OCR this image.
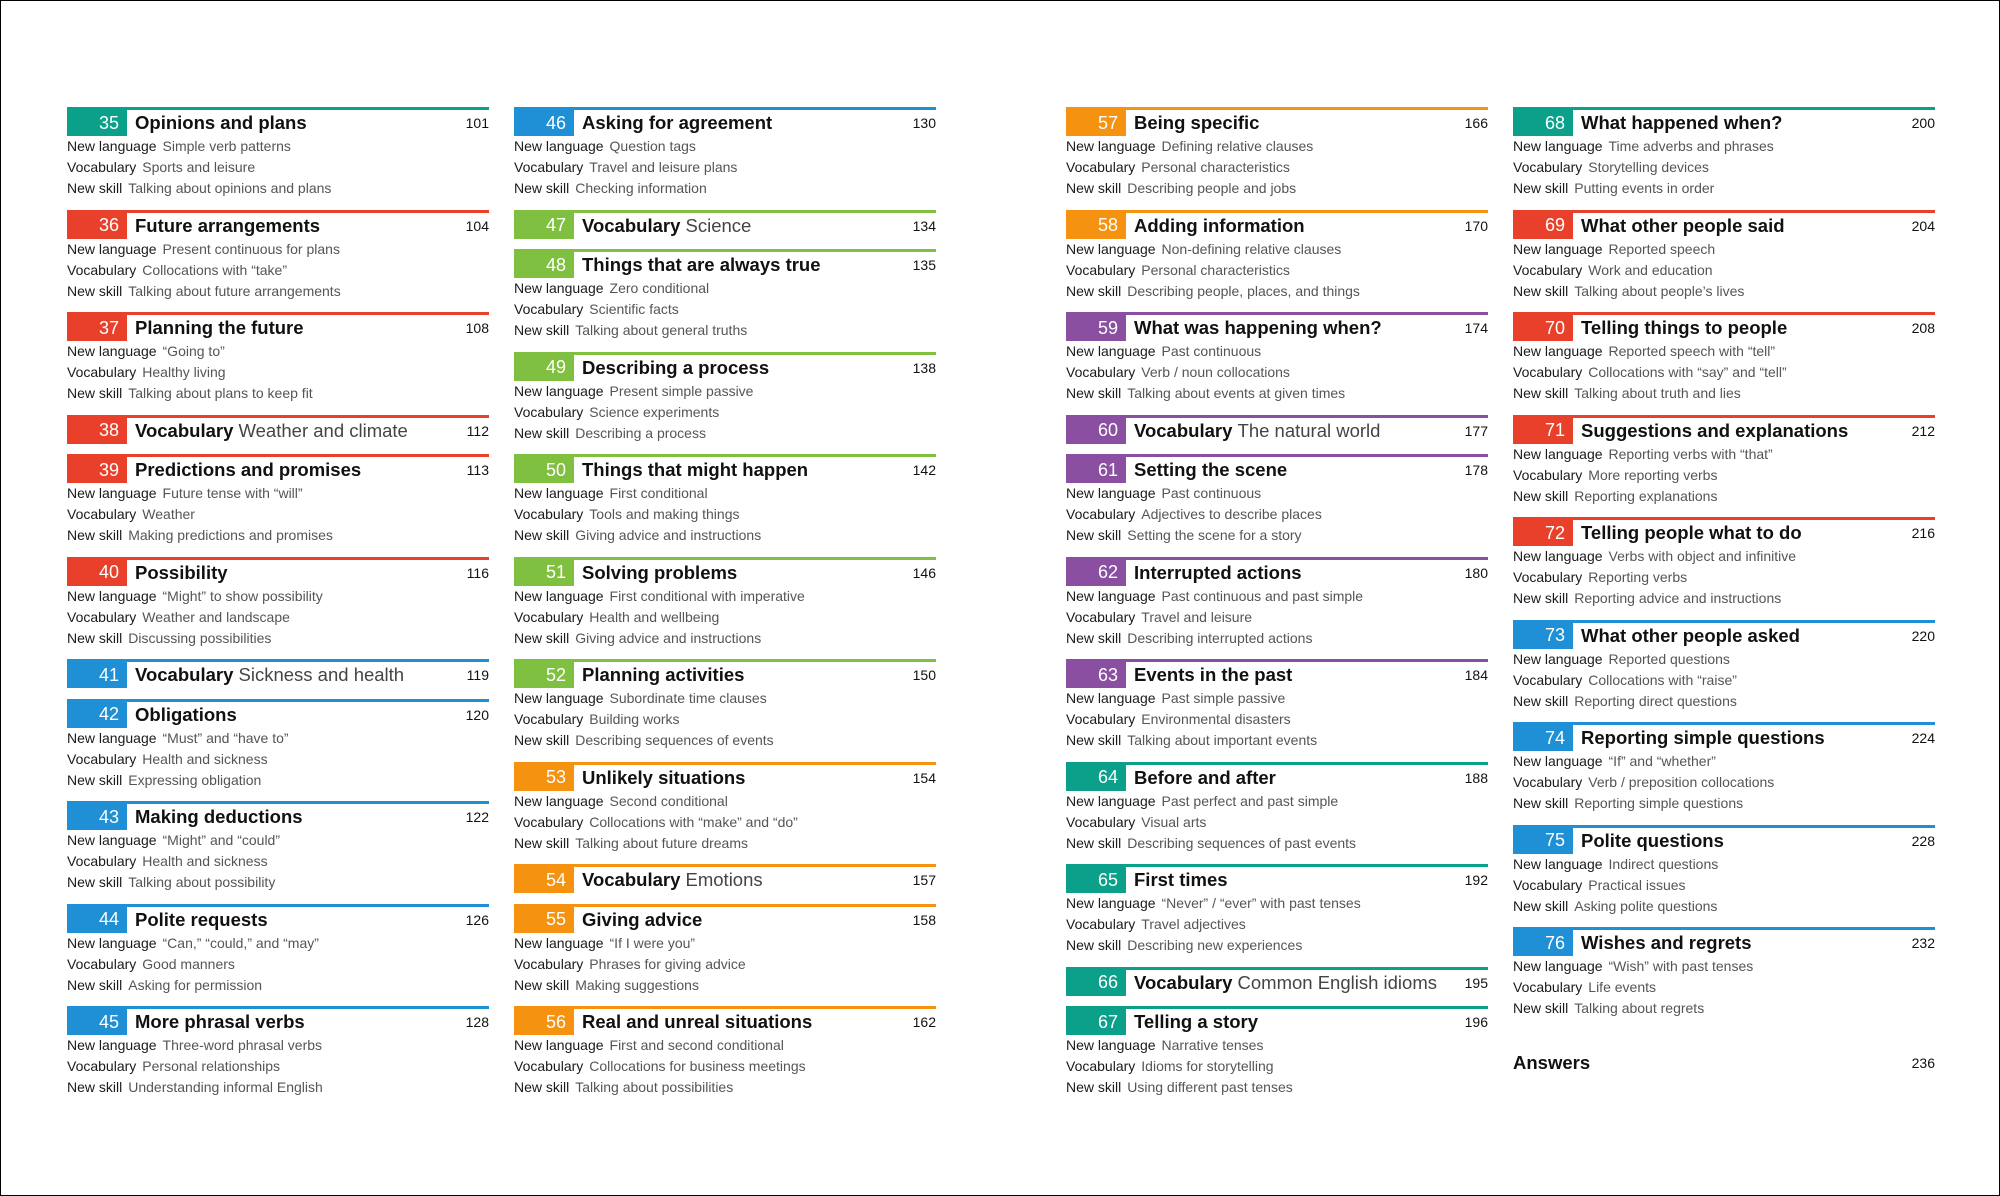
35 Opinions and plans	101
New language Simple verb patterns
Vocabulary Sports and leisure
New skill Talking about opinions and plans
36 Future arrangements	104
New language Present continuous for plans
Vocabulary Collocations with “take”
New skill Talking about future arrangements
37 Planning the future	108
New language “Going to”
Vocabulary Healthy living
New skill Talking about plans to keep fit
38 Vocabulary Weather and climate	112
39 Predictions and promises	113
New language Future tense with “will”
Vocabulary Weather
New skill Making predictions and promises
40 Possibility	116
New language “Might” to show possibility
Vocabulary Weather and landscape
New skill Discussing possibilities
41 Vocabulary Sickness and health	119
42 Obligations	120
New language “Must” and “have to”
Vocabulary Health and sickness
New skill Expressing obligation
43 Making deductions	122
New language “Might” and “could”
Vocabulary Health and sickness
New skill Talking about possibility
44 Polite requests	126
New language “Can,” “could,” and “may”
Vocabulary Good manners
New skill Asking for permission
45 More phrasal verbs	128
New language Three-word phrasal verbs
Vocabulary Personal relationships
New skill Understanding informal English
46 Asking for agreement	130
New language Question tags
Vocabulary Travel and leisure plans
New skill Checking information
47 Vocabulary Science	134
48 Things that are always true	135
New language Zero conditional
Vocabulary Scientific facts
New skill Talking about general truths
49 Describing a process	138
New language Present simple passive
Vocabulary Science experiments
New skill Describing a process
50 Things that might happen	142
New language First conditional
Vocabulary Tools and making things
New skill Giving advice and instructions
51 Solving problems	146
New language First conditional with imperative
Vocabulary Health and wellbeing
New skill Giving advice and instructions
52 Planning activities	150
New language Subordinate time clauses
Vocabulary Building works
New skill Describing sequences of events
53 Unlikely situations	154
New language Second conditional
Vocabulary Collocations with “make” and “do”
New skill Talking about future dreams
54 Vocabulary Emotions	157
55 Giving advice	158
New language “If I were you”
Vocabulary Phrases for giving advice
New skill Making suggestions
56 Real and unreal situations	162
New language First and second conditional
Vocabulary Collocations for business meetings
New skill Talking about possibilities
57 Being specific	166
New language Defining relative clauses
Vocabulary Personal characteristics
New skill Describing people and jobs
58 Adding information	170
New language Non-defining relative clauses
Vocabulary Personal characteristics
New skill Describing people, places, and things
59 What was happening when?	174
New language Past continuous
Vocabulary Verb / noun collocations
New skill Talking about events at given times
60 Vocabulary The natural world	177
61 Setting the scene	178
New language Past continuous
Vocabulary Adjectives to describe places
New skill Setting the scene for a story
62 Interrupted actions	180
New language Past continuous and past simple
Vocabulary Travel and leisure
New skill Describing interrupted actions
63 Events in the past	184
New language Past simple passive
Vocabulary Environmental disasters
New skill Talking about important events
64 Before and after	188
New language Past perfect and past simple
Vocabulary Visual arts
New skill Describing sequences of past events
65 First times	192
New language “Never” / “ever” with past tenses
Vocabulary Travel adjectives
New skill Describing new experiences
66 Vocabulary Common English idioms	195
67 Telling a story	196
New language Narrative tenses
Vocabulary Idioms for storytelling
New skill Using different past tenses
68 What happened when?	200
New language Time adverbs and phrases
Vocabulary Storytelling devices
New skill Putting events in order
69 What other people said	204
New language Reported speech
Vocabulary Work and education
New skill Talking about people’s lives
70 Telling things to people	208
New language Reported speech with “tell”
Vocabulary Collocations with “say” and “tell”
New skill Talking about truth and lies
71 Suggestions and explanations	212
New language Reporting verbs with “that”
Vocabulary More reporting verbs
New skill Reporting explanations
72 Telling people what to do	216
New language Verbs with object and infinitive
Vocabulary Reporting verbs
New skill Reporting advice and instructions
73 What other people asked	220
New language Reported questions
Vocabulary Collocations with “raise”
New skill Reporting direct questions
74 Reporting simple questions	224
New language “If” and “whether”
Vocabulary Verb / preposition collocations
New skill Reporting simple questions
75 Polite questions	228
New language Indirect questions
Vocabulary Practical issues
New skill Asking polite questions
76 Wishes and regrets	232
New language “Wish” with past tenses
Vocabulary Life events
New skill Talking about regrets
Answers	236
